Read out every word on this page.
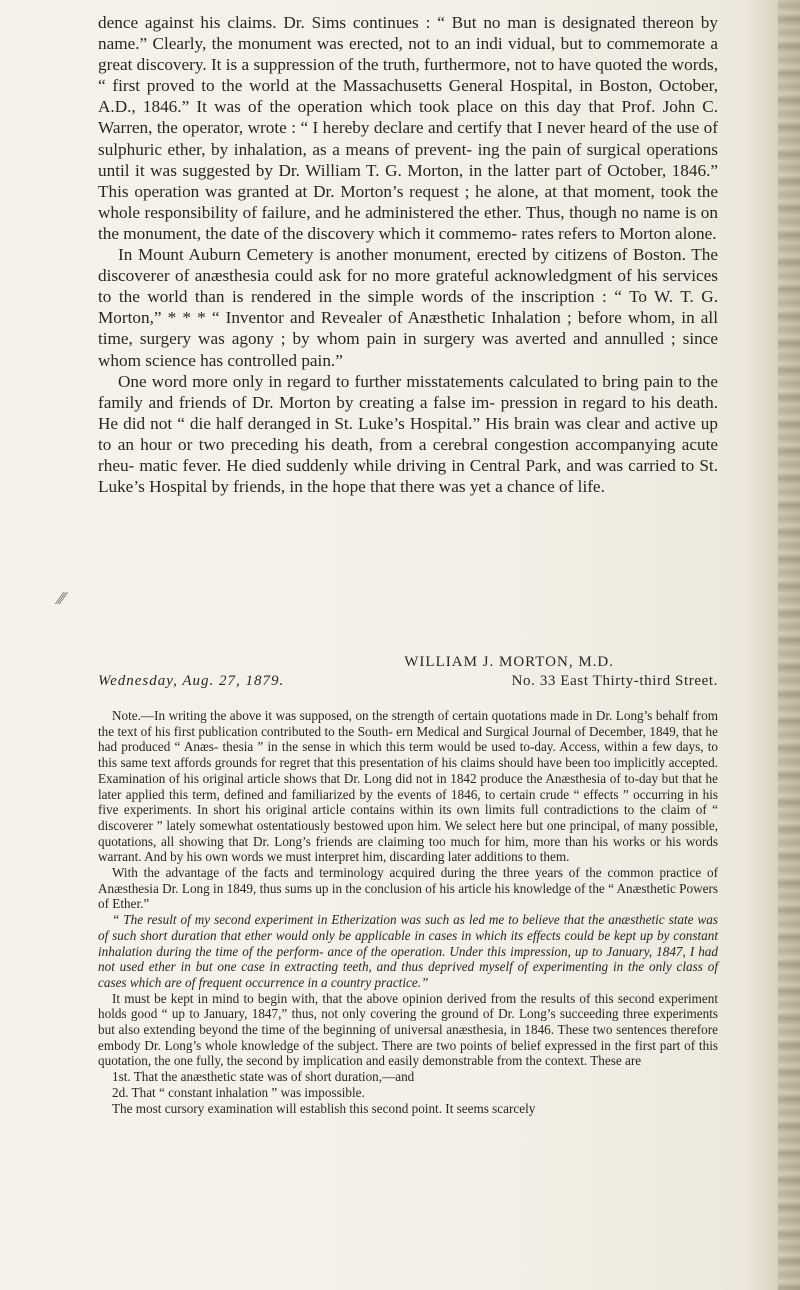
∕∕∕

dence against his claims. Dr. Sims continues : “ But no man is designated thereon by name.” Clearly, the monument was erected, not to an indi vidual, but to commemorate a great discovery. It is a suppression of the truth, furthermore, not to have quoted the words, “ first proved to the world at the Massachusetts General Hospital, in Boston, October, A.D., 1846.” It was of the operation which took place on this day that Prof. John C. Warren, the operator, wrote : “ I hereby declare and certify that I never heard of the use of sulphuric ether, by inhalation, as a means of prevent- ing the pain of surgical operations until it was suggested by Dr. William T. G. Morton, in the latter part of October, 1846.” This operation was granted at Dr. Morton’s request ; he alone, at that moment, took the whole responsibility of failure, and he administered the ether. Thus, though no name is on the monument, the date of the discovery which it commemo- rates refers to Morton alone.

In Mount Auburn Cemetery is another monument, erected by citizens of Boston. The discoverer of anæsthesia could ask for no more grateful acknowledgment of his services to the world than is rendered in the simple words of the inscription : “ To W. T. G. Morton,” * * * “ Inventor and Revealer of Anæsthetic Inhalation ; before whom, in all time, surgery was agony ; by whom pain in surgery was averted and annulled ; since whom science has controlled pain.”

One word more only in regard to further misstatements calculated to bring pain to the family and friends of Dr. Morton by creating a false im- pression in regard to his death. He did not “ die half deranged in St. Luke’s Hospital.” His brain was clear and active up to an hour or two preceding his death, from a cerebral congestion accompanying acute rheu- matic fever. He died suddenly while driving in Central Park, and was carried to St. Luke’s Hospital by friends, in the hope that there was yet a chance of life.

WILLIAM J. MORTON, M.D.
Wednesday, Aug. 27, 1879.	No. 33 East Thirty-third Street.

Note.—In writing the above it was supposed, on the strength of certain quotations made in Dr. Long’s behalf from the text of his first publication contributed to the South- ern Medical and Surgical Journal of December, 1849, that he had produced “ Anæs- thesia ” in the sense in which this term would be used to-day. Access, within a few days, to this same text affords grounds for regret that this presentation of his claims should have been too implicitly accepted. Examination of his original article shows that Dr. Long did not in 1842 produce the Anæsthesia of to-day but that he later applied this term, defined and familiarized by the events of 1846, to certain crude “ effects ” occurring in his five experiments. In short his original article contains within its own limits full contradictions to the claim of “ discoverer ” lately somewhat ostentatiously bestowed upon him. We select here but one principal, of many possible, quotations, all showing that Dr. Long’s friends are claiming too much for him, more than his works or his words warrant. And by his own words we must interpret him, discarding later additions to them.

With the advantage of the facts and terminology acquired during the three years of the common practice of Anæsthesia Dr. Long in 1849, thus sums up in the conclusion of his article his knowledge of the “ Anæsthetic Powers of Ether.”

“ The result of my second experiment in Etherization was such as led me to believe that the anæsthetic state was of such short duration that ether would only be applicable in cases in which its effects could be kept up by constant inhalation during the time of the perform- ance of the operation. Under this impression, up to January, 1847, I had not used ether in but one case in extracting teeth, and thus deprived myself of experimenting in the only class of cases which are of frequent occurrence in a country practice.”

It must be kept in mind to begin with, that the above opinion derived from the results of this second experiment holds good “ up to January, 1847,” thus, not only covering the ground of Dr. Long’s succeeding three experiments but also extending beyond the time of the beginning of universal anæsthesia, in 1846. These two sentences therefore embody Dr. Long’s whole knowledge of the subject. There are two points of belief expressed in the first part of this quotation, the one fully, the second by implication and easily demonstrable from the context. These are

1st. That the anæsthetic state was of short duration,—and

2d. That “ constant inhalation ” was impossible.

The most cursory examination will establish this second point. It seems scarcely
